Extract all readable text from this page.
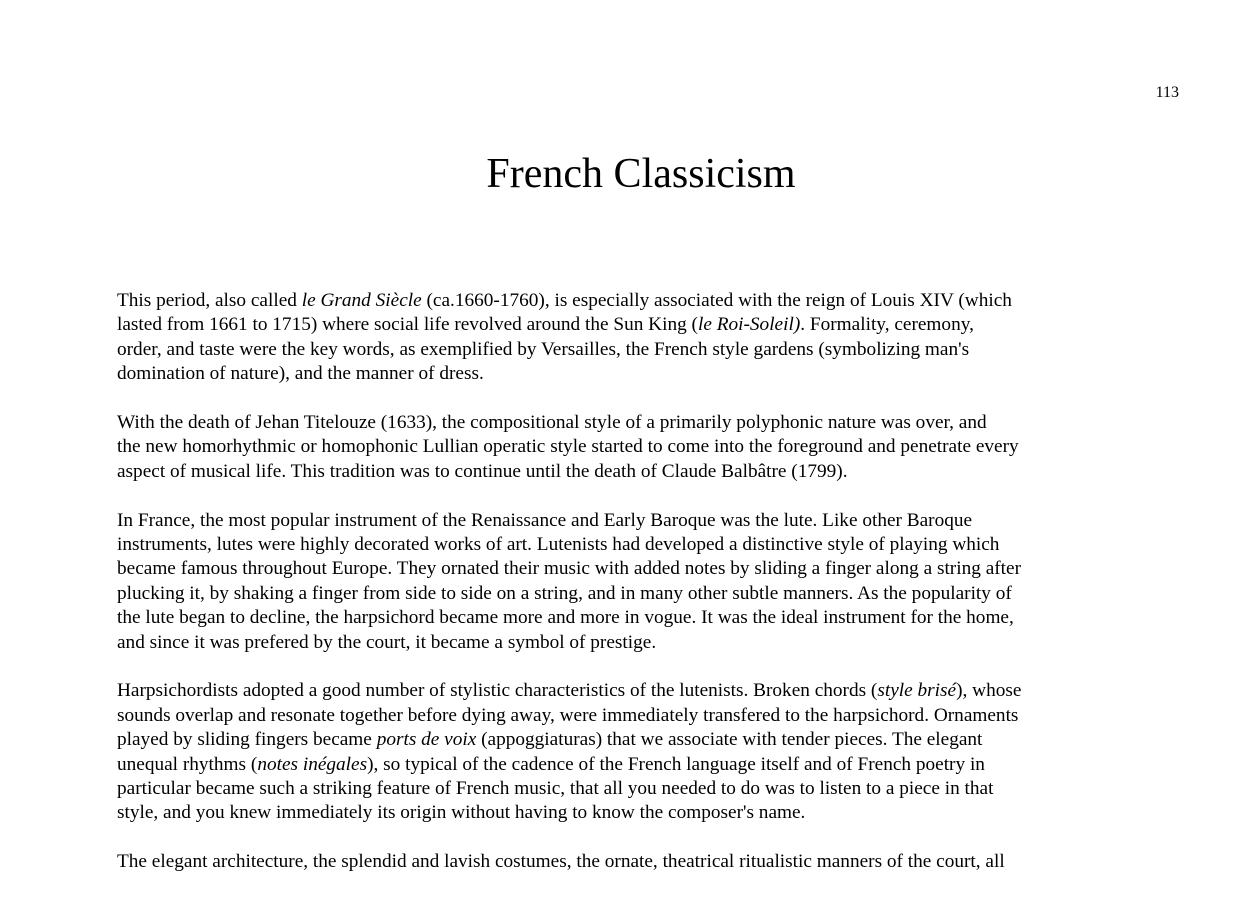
113
French Classicism

This period, also called le Grand Siècle (ca.1660-1760), is especially associated with the reign of Louis XIV (which
lasted from 1661 to 1715) where social life revolved around the Sun King (le Roi-Soleil). Formality, ceremony,
order, and taste were the key words, as exemplified by Versailles, the French style gardens (symbolizing man's
domination of nature), and the manner of dress.

With the death of Jehan Titelouze (1633), the compositional style of a primarily polyphonic nature was over, and
the new homorhythmic or homophonic Lullian operatic style started to come into the foreground and penetrate every
aspect of musical life. This tradition was to continue until the death of Claude Balbâtre (1799).

In France, the most popular instrument of the Renaissance and Early Baroque was the lute. Like other Baroque
instruments, lutes were highly decorated works of art. Lutenists had developed a distinctive style of playing which
became famous throughout Europe. They ornated their music with added notes by sliding a finger along a string after
plucking it, by shaking a finger from side to side on a string, and in many other subtle manners. As the popularity of
the lute began to decline, the harpsichord became more and more in vogue. It was the ideal instrument for the home,
and since it was prefered by the court, it became a symbol of prestige.

Harpsichordists adopted a good number of stylistic characteristics of the lutenists. Broken chords (style brisé), whose
sounds overlap and resonate together before dying away, were immediately transfered to the harpsichord. Ornaments
played by sliding fingers became ports de voix (appoggiaturas) that we associate with tender pieces. The elegant
unequal rhythms (notes inégales), so typical of the cadence of the French language itself and of French poetry in
particular became such a striking feature of French music, that all you needed to do was to listen to a piece in that
style, and you knew immediately its origin without having to know the composer's name.

The elegant architecture, the splendid and lavish costumes, the ornate, theatrical ritualistic manners of the court, all
